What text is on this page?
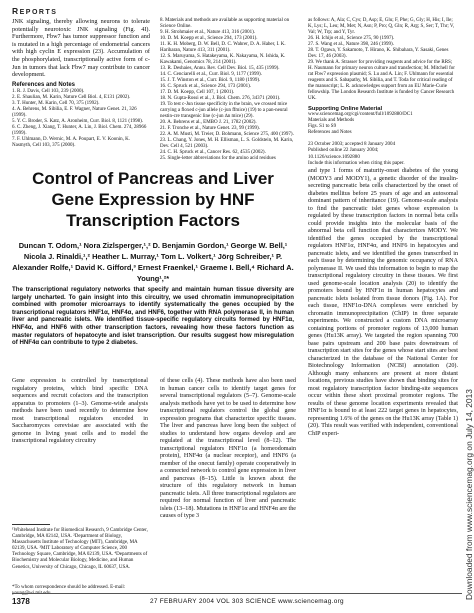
REPORTS

JNK signaling, thereby allowing neurons to tolerate potentially neurotoxic JNK signaling (Fig. 4I). Furthermore, Fbw7 has tumor suppressor function and is mutated in a high percentage of endometrial cancers with high cyclin E expression (23). Accumulation of the phosphorylated, transcriptionally active form of c-Jun in tumors that lack Fbw7 may contribute to cancer development.

References and Notes

1. R. J. Davis, Cell 103, 239 (2000).

2. E. Shaulian, M. Karin, Nature Cell Biol. 4, E131 (2002).

3. T. Hunter, M. Karin, Cell 70, 375 (1992).

4. A. Behrens, M. Sibilia, E. F. Wagner, Nature Genet. 21, 326 (1999).

5. Y. C. Broder, S. Katz, A. Aronheim, Curr. Biol. 8, 1121 (1998).

6. C. Zheng, J. Xiang, T. Hunter, A. Lin, J. Biol. Chem. 274, 28966 (1999).

7. F. Uhlmann, D. Wernic, M. A. Poupart, E. V. Koonin, K. Nasmyth, Cell 103, 375 (2000).

8. Materials and methods are available as supporting material on Science Online.

9. H. Strohmaier et al., Nature 413, 316 (2001).

10. D. M. Koepp et al., Science 294, 173 (2001).

11. K. H. Moberg, D. W. Bell, D. C. Wahrer, D. A. Haber, I. K. Hariharan, Nature 413, 311 (2001).

12. S. Maruyama, S. Hatakeyama, K. Nakayama, N. Ishida, K. Kawakami, Genomics 78, 214 (2001).

13. R. Deshaies, Annu. Rev. Cell Dev. Biol. 15, 435 (1999).

14. C. Cenciarelli et al., Curr. Biol. 9, 1177 (1999).

15. J. T. Winston et al., Curr. Biol. 9, 1180 (1999).

16. C. Spruck et al., Science 294, 173 (2001).

17. D. M. Koepp, Cell 107, 1 (2001).

18. N. Gupta-Rossi et al., J. Biol. Chem. 276, 34371 (2001).

19. To test c-Jun tissue specificity in the brain, we crossed mice carrying a floxed c-jun allele (c-jun ffmice) (19) to a pan-neural nestin-cre transgenic line (c-jun ∆n mice) (29).

20. A. Behrens et al., EMBO J. 21, 1782 (2002).

21. F. Tronche et al., Nature Genet. 23, 99 (1999).

22. A. M. Musti, M. Treier, D. Bohmann, Science 275, 400 (1997).

23. L. Chang, Y. Jones, M. H. Ellisman, L. S. Goldstein, M. Karin, Dev. Cell 4, 521 (2003).

24. C. H. Spruck et al., Cancer Res. 62, 4535 (2002).

25. Single-letter abbreviations for the amino acid residues

as follows: A, Ala; C, Cys; D, Asp; E, Glu; F, Phe; G, Gly; H, His; I, Ile; K, Lys; L, Leu; M, Met; N, Asn; P, Pro; Q, Gln; R, Arg; S, Ser; T, Thr; V, Val; W, Trp; and Y, Tyr.

26. H. Ichijo et al., Science 275, 90 (1997).

27. S. Wang et al., Nature 398, 246 (1999).

28. T. Ogawa, Y. Sakamoto, T. Hirano, K. Shibahara, Y. Sasaki, Genes Dev. 17, 46 (2003).

29. We thank A. Strasser for providing reagents and advice for the RRS; H. Naumann for primary neuron culture and transfection; M. Mitchell for rat Fbw7 expression plasmid; S. Lu and A. Lin; F. Uhlmann for essential reagents and S. Sabapathy, M. Sibilia, and T. Toda for critical reading of the manuscript; L. R. acknowledges support from an EU Marie-Curie fellowship. The London Research Institute is funded by Cancer Research UK.

Supporting Online Material

www.sciencemag.org/cgi/content/full/1092880/DC1

Materials and Methods

Figs. S1 to S9

References and Notes

23 October 2003; accepted 8 January 2004
Published online 22 January 2004;
10.1126/science.1092880
Include this information when citing this paper.
Control of Pancreas and Liver Gene Expression by HNF Transcription Factors
Duncan T. Odom,¹ Nora Zizlsperger,¹,² D. Benjamin Gordon,¹ George W. Bell,¹ Nicola J. Rinaldi,¹,² Heather L. Murray,¹ Tom L. Volkert,¹ Jörg Schreiber,¹ P. Alexander Rolfe,¹ David K. Gifford,³ Ernest Fraenkel,¹ Graeme I. Bell,⁴ Richard A. Young¹,²*

The transcriptional regulatory networks that specify and maintain human tissue diversity are largely uncharted. To gain insight into this circuitry, we used chromatin immunoprecipitation combined with promoter microarrays to identify systematically the genes occupied by the transcriptional regulators HNF1α, HNF4α, and HNF6, together with RNA polymerase II, in human liver and pancreatic islets. We identified tissue-specific regulatory circuits formed by HNF1α, HNF4α, and HNF6 with other transcription factors, revealing how these factors function as master regulators of hepatocyte and islet transcription. Our results suggest how misregulation of HNF4α can contribute to type 2 diabetes.

Gene expression is controlled by transcriptional regulatory proteins, which bind specific DNA sequences and recruit cofactors and the transcription apparatus to promoters (1–3). Genome-wide analysis methods have been used recently to determine how most transcriptional regulators encoded in Saccharomyces cerevisiae are associated with the genome in living yeast cells and to model the transcriptional regulatory circuitry

of these cells (4). These methods have also been used in human cancer cells to identify target genes for several transcriptional regulators (5–7). Genome-scale analysis methods have yet to be used to determine how transcriptional regulators control the global gene expression programs that characterize specific tissues. The liver and pancreas have long been the subject of studies to understand how organs develop and are regulated at the transcriptional level (8–12). The transcriptional regulators HNF1α (a homeodomain protein), HNF4α (a nuclear receptor), and HNF6 (a member of the onecut family) operate cooperatively in a connected network to control gene expression in liver and pancreas (8–15). Little is known about the structure of this regulatory network in human pancreatic islets. All three transcriptional regulators are required for normal function of liver and pancreatic islets (13–18). Mutations in HNF1α and HNF4α are the causes of type 3

and type 1 forms of maturity-onset diabetes of the young (MODY3 and MODY1), a genetic disorder of the insulin-secreting pancreatic beta cells characterized by the onset of diabetes mellitus before 25 years of age and an autosomal dominant pattern of inheritance (19). Genome-scale analysis to find the pancreatic islet genes whose expression is regulated by these transcription factors in normal beta cells could provide insights into the molecular basis of the abnormal beta cell function that characterizes MODY. We identified the genes occupied by the transcriptional regulators HNF1α, HNF4α, and HNF6 in hepatocytes and pancreatic islets, and we identified the genes transcribed in each tissue by determining the genomic occupancy of RNA polymerase II. We used this information to begin to map the transcriptional regulatory circuitry in these tissues. We first used genome-scale location analysis (20) to identify the promoters bound by HNF1α in human hepatocytes and pancreatic islets isolated from tissue donors (Fig. 1A). For each tissue, HNF1α-DNA complexes were enriched by chromatin immunoprecipitation (ChIP) in three separate experiments. We constructed a custom DNA microarray containing portions of promoter regions of 13,000 human genes (Hu13K array). We targeted the region spanning 700 base pairs upstream and 200 base pairs downstream of transcription start sites for the genes whose start sites are best characterized in the database of the National Center for Biotechnology Information (NCBI) annotation (20). Although many enhancers are present at more distant locations, previous studies have shown that binding sites for most regulatory transcription factor binding-site sequences occur within these short proximal promoter regions. The results of these genome location experiments revealed that HNF1α is bound to at least 222 target genes in hepatocytes, representing 1.6% of the genes on the Hu13K array (Table 1) (20). This result was verified with independent, conventional ChIP experi-

¹Whitehead Institute for Biomedical Research, 9 Cambridge Center, Cambridge, MA 02142, USA. ²Department of Biology, Massachusetts Institute of Technology (MIT), Cambridge, MA 02139, USA. ³MIT Laboratory of Computer Science, 200 Technology Square, Cambridge, MA 02139, USA. ⁴Departments of Biochemistry and Molecular Biology, Medicine, and Human Genetics, University of Chicago, Chicago, IL 60637, USA.

*To whom correspondence should be addressed. E-mail: young@wi.mit.edu

1378	27 FEBRUARY 2004 VOL 303 SCIENCE www.sciencemag.org
Downloaded from www.sciencemag.org on July 14, 2013
